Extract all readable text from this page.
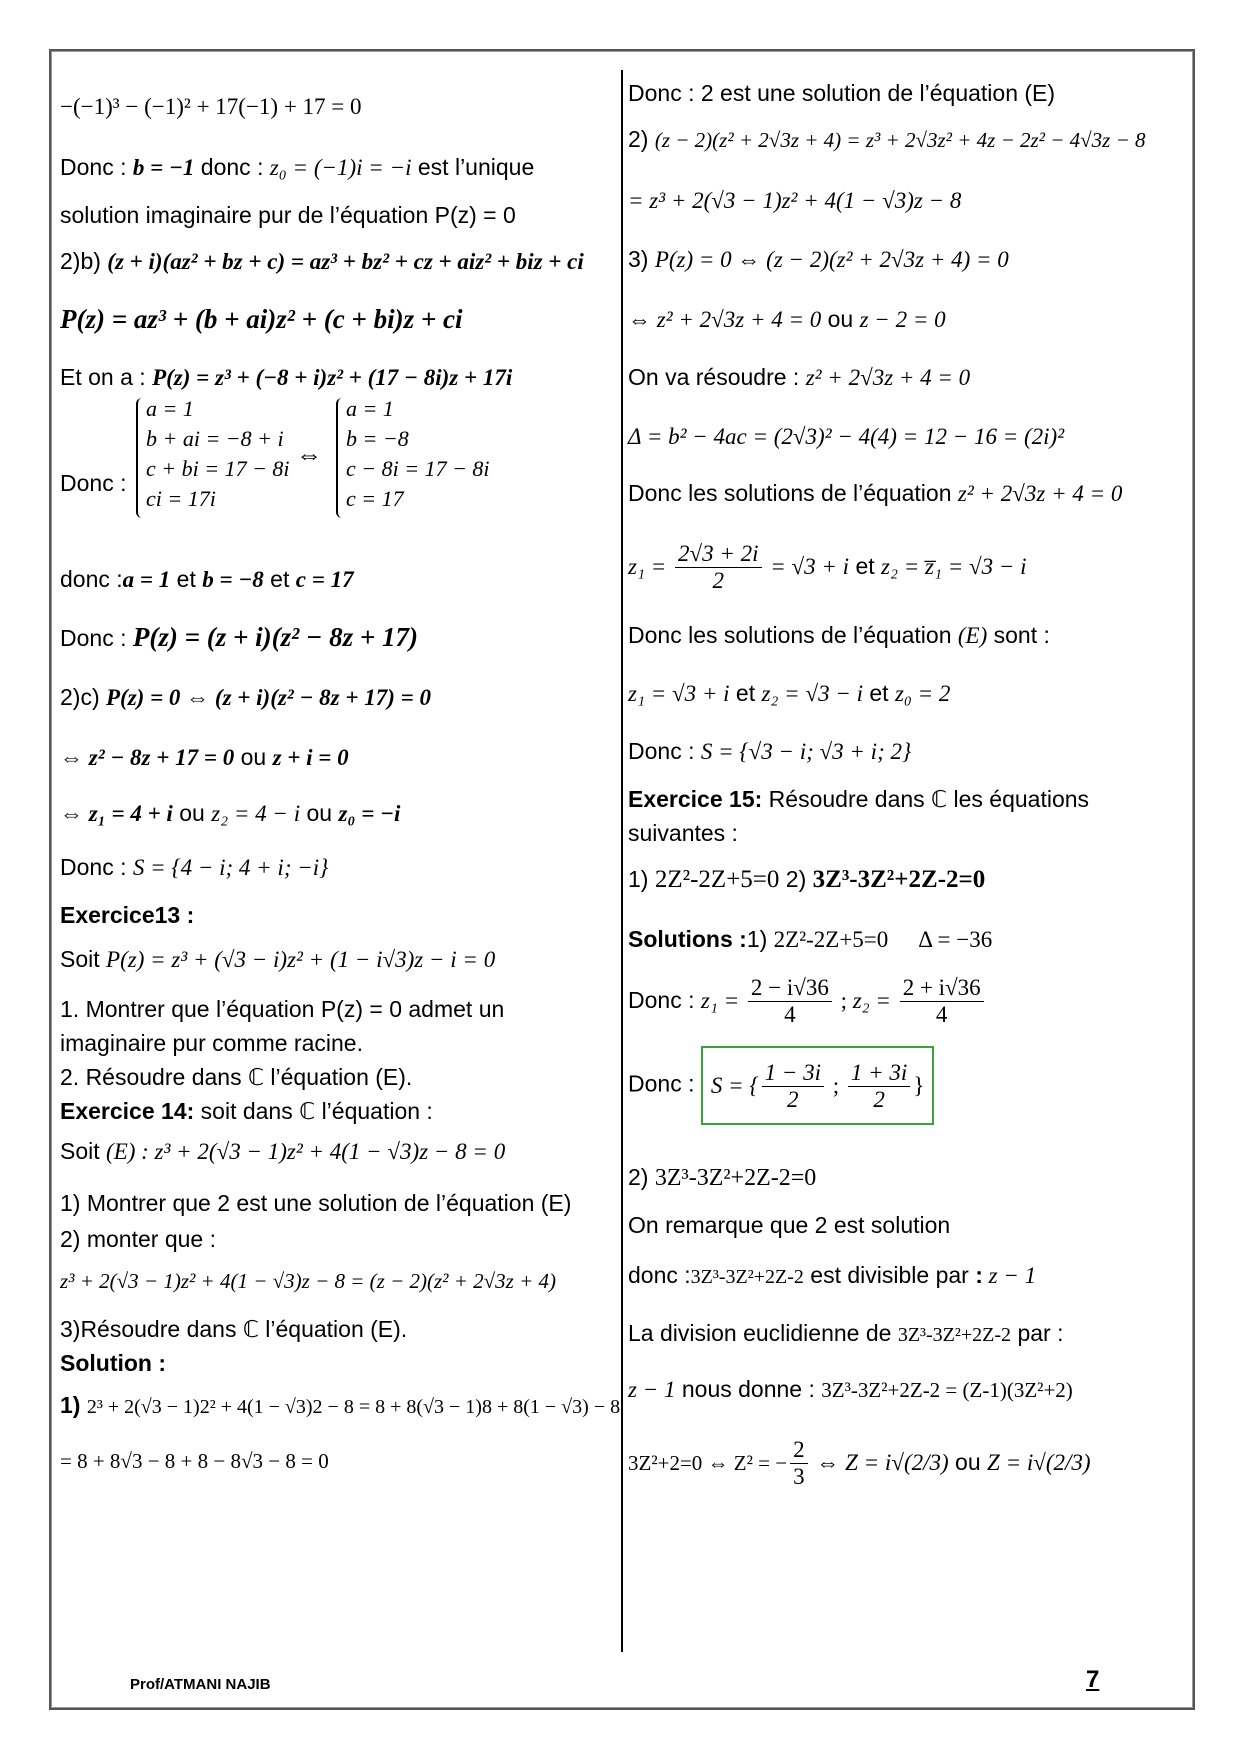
−(−1)³ − (−1)² + 17(−1) + 17 = 0
Donc : b = −1 donc : z₀ = (−1)i = −i est l’unique
solution imaginaire pur de l’équation P(z) = 0
2)b) (z + i)(az² + bz + c) = az³ + bz² + cz + aiz² + biz + ci
P(z) = az³ + (b + ai)z² + (c + bi)z + ci
Et on a : P(z) = z³ + (−8 + i)z² + (17 − 8i)z + 17i
Donc :
a = 1
b + ai = −8 + i
c + bi = 17 − 8i
ci = 17i
⇔
a = 1
b = −8
c − 8i = 17 − 8i
c = 17
donc :a = 1 et b = −8 et c = 17
Donc : P(z) = (z + i)(z² − 8z + 17)
2)c) P(z) = 0 ⇔ (z + i)(z² − 8z + 17) = 0
⇔ z² − 8z + 17 = 0 ou z + i = 0
⇔ z₁ = 4 + i ou z₂ = 4 − i ou z₀ = −i
Donc : S = {4 − i; 4 + i; −i}
Exercice13 :
Soit P(z) = z³ + (√3 − i)z² + (1 − i√3)z − i = 0
1. Montrer que l’équation P(z) = 0 admet un
imaginaire pur comme racine.
2. Résoudre dans ℂ l’équation (E).
Exercice 14: soit dans ℂ l’équation :
Soit (E) : z³ + 2(√3 − 1)z² + 4(1 − √3)z − 8 = 0
1) Montrer que 2 est une solution de l’équation (E)
2) monter que :
z³ + 2(√3 − 1)z² + 4(1 − √3)z − 8 = (z − 2)(z² + 2√3z + 4)
3)Résoudre dans ℂ l’équation (E).
Solution :
1) 2³ + 2(√3 − 1)2² + 4(1 − √3)2 − 8 = 8 + 8(√3 − 1)8 + 8(1 − √3) − 8
= 8 + 8√3 − 8 + 8 − 8√3 − 8 = 0
Donc : 2 est une solution de l’équation (E)
2) (z − 2)(z² + 2√3z + 4) = z³ + 2√3z² + 4z − 2z² − 4√3z − 8
= z³ + 2(√3 − 1)z² + 4(1 − √3)z − 8
3) P(z) = 0 ⇔ (z − 2)(z² + 2√3z + 4) = 0
⇔ z² + 2√3z + 4 = 0 ou z − 2 = 0
On va résoudre : z² + 2√3z + 4 = 0
Δ = b² − 4ac = (2√3)² − 4(4) = 12 − 16 = (2i)²
Donc les solutions de l’équation z² + 2√3z + 4 = 0
$z_1 = \frac{2√3 + 2i}{2} = √3 + i$ et z₂ = z̅₁ = √3 − i
Donc les solutions de l’équation (E) sont :
z₁ = √3 + i et z₂ = √3 − i et z₀ = 2
Donc : S = {√3 − i; √3 + i; 2}
Exercice 15: Résoudre dans ℂ les équations
suivantes :
1) 2Z²-2Z+5=0 2) 3Z³-3Z²+2Z-2=0
Solutions :1) 2Z²-2Z+5=0 Δ = −36
Donc : $z_1 = \frac{2 - i√36}{4}$ ; $z_2 = \frac{2 + i√36}{4}$
Donc : S = { $\frac{1 - 3i}{2}$ ; $\frac{1 + 3i}{2}$ }
2) 3Z³-3Z²+2Z-2=0
On remarque que 2 est solution
donc :3Z³-3Z²+2Z-2 est divisible par : z − 1
La division euclidienne de 3Z³-3Z²+2Z-2 par :
z − 1 nous donne : 3Z³-3Z²+2Z-2 = (Z-1)(3Z²+2)
3Z²+2=0 ⇔ Z² = − $\frac{2}{3}$ ⇔ Z = i√(2/3) ou Z = i√(2/3)
Prof/ATMANI NAJIB	7
